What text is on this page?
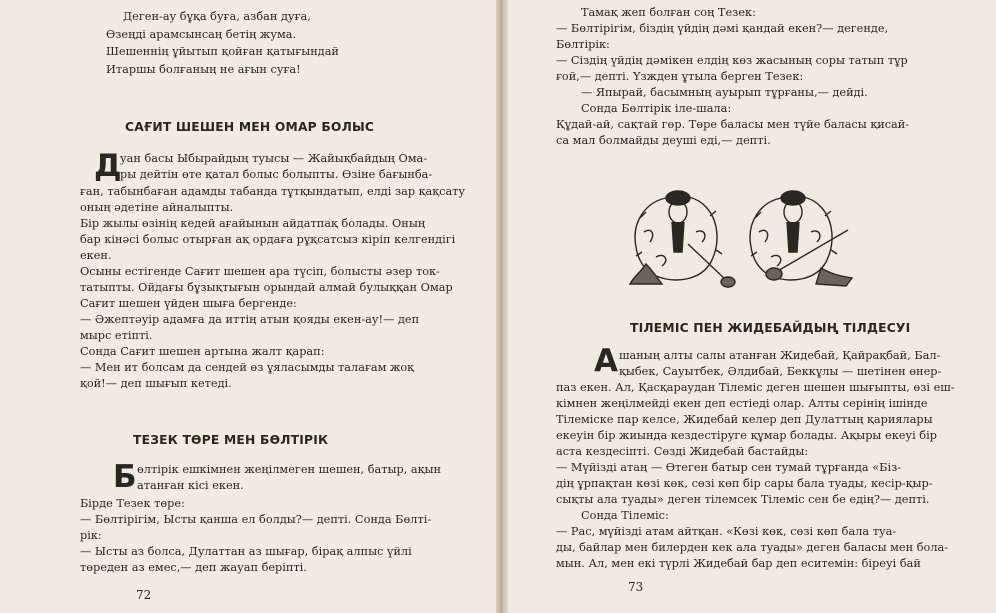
Деген-ау бұқа буға, азбан дуға,
Өзеңді арамсынсаң бетің жума.
Шешеннің ұйытып қойған қатығындай
Итаршы болғаның не ағын суға!
САҒИТ ШЕШЕН МЕН ОМАР БОЛЫС
Д
уан басы Ыбырайдың туысы — Жайықбайдың Ома-
ры дейтін өте қатал болыс болыпты. Өзіне бағынба-
ған, табынбаған адамды табанда тұтқындатып, елді зар қақсату
оның әдетіне айналыпты.
Бір жылы өзінің кедей ағайынын айдатпақ болады. Оның
бар кінәсі болыс отырған ақ ордаға рұқсатсыз кіріп келгендігі
екен.
Осыны естігенде Сағит шешен ара түсіп, болысты әзер ток-
татыпты. Ойдағы бұзықтығын орындай алмай булыққан Омар
Сағит шешен үйден шыға бергенде:
— Әжептәуір адамға да иттің атын қояды екен-ау!— деп
мырс етіпті.
Сонда Сағит шешен артына жалт қарап:
— Мен ит болсам да сендей өз ұяласымды талағам жоқ
қой!— деп шығып кетеді.
ТЕЗЕК ТӨРЕ МЕН БӨЛТІРІК
Б өлтірік ешкімнен жеңілмеген шешен, батыр, ақын
атанған кісі екен.
Бірде Тезек төре:
— Бөлтірігім, Ысты қанша ел болды?— депті. Сонда Бөлті-
рік:
— Ысты аз болса, Дулаттан аз шығар, бірақ алпыс үйлі
төреден аз емес,— деп жауап беріпті.
72
Тамақ жеп болған соң Тезек:
— Бөлтірігім, біздің үйдің дәмі қандай екен?— дегенде,
Бөлтірік:
— Сіздің үйдің дәмікен елдің көз жасының соры татып тұр
ғой,— депті. Үзжден ұтыла берген Тезек:
— Япырай, басымның ауырып тұрғаны,— дейді.
Сонда Бөлтірік іле-шала:
Құдай-ай, сақтай гөр. Төре баласы мен түйе баласы қисай-
са мал болмайды деуші еді,— депті.
ТІЛЕМІС ПЕН ЖИДЕБАЙДЫҢ ТІЛДЕСУІ
А шаның алты салы атанған Жидебай, Қайрақбай, Бал-
қыбек, Сауытбек, Әлдибай, Беккұлы — шетінен өнер-
паз екен. Ал, Қасқараудан Тілеміс деген шешен шығыпты, өзі еш-
кімнен жеңілмейді екен деп естіеді олар. Алты серінің ішінде
Тілеміске пар келсе, Жидебай келер деп Дулаттың қариялары
екеуін бір жиында кездестіруге құмар болады. Ақыры екеуі бір
аста кездесіпті. Сөзді Жидебай бастайды:
— Мүйізді атаң — Өтеген батыр сен тумай тұрғанда «Біз-
дің ұрпақтан көзі көк, сөзі көп бір сары бала туады, кесір-қыр-
сықты ала туады» деген тілемсек Тілеміс сен бе едің?— депті.
Сонда Тілеміс:
— Рас, мүйізді атам айтқан. «Көзі көк, сөзі көп бала туа-
ды, байлар мен билерден кек ала туады» деген баласы мен бола-
мын. Ал, мен екі түрлі Жидебай бар деп еситемін: біреуі бай
73
